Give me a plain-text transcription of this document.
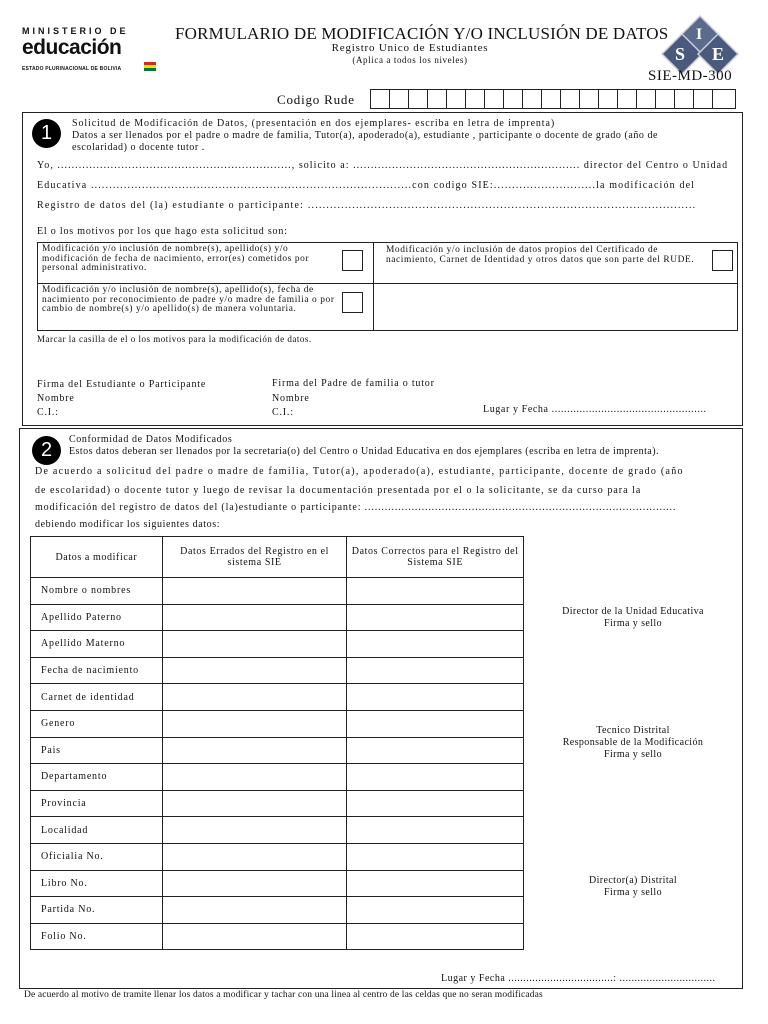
MINISTERIO DE
educación
ESTADO PLURINACIONAL DE BOLIVIA
FORMULARIO DE MODIFICACIÓN Y/O INCLUSIÓN DE DATOS
Registro Unico de Estudiantes
(Aplica a todos los niveles)
I
S E
SIE-MD-300
Codigo Rude
1	Solicitud de Modificación de Datos, (presentación en dos ejemplares- escriba en letra de imprenta)
Datos a ser llenados por el padre o madre de familia, Tutor(a), apoderado(a), estudiante , participante o docente de grado (año de
escolaridad) o docente tutor .
Yo, .................................................................., solicito a: ................................................................ director del Centro o Unidad
Educativa ........................................................................................con codigo SIE:............................la modificación del
Registro de datos del (la) estudiante o participante: .........................................................................................................
El o los motivos por los que hago esta solicitud son:
Modificación y/o inclusión de nombre(s), apellido(s) y/o modificación de fecha de nacimiento, error(es) cometidos por personal administrativo.
Modificación y/o inclusión de datos propios del Certificado de nacimiento, Carnet de Identidad y otros datos que son parte del RUDE.
Modificación y/o inclusión de nombre(s), apellido(s), fecha de nacimiento por reconocimiento de padre y/o madre de familia o por cambio de nombre(s) y/o apellido(s) de manera voluntaria.
Marcar la casilla de el o los motivos para la modificación de datos.
Firma del Estudiante o Participante
Nombre
C.I.:
Firma del Padre de familia o tutor
Nombre
C.I.:	Lugar y Fecha ..................................................
2	Conformidad de Datos Modificados
Estos datos deberan ser llenados por la secretaria(o) del Centro o Unidad Educativa en dos ejemplares (escriba en letra de imprenta).
De acuerdo a solicitud del padre o madre de familia, Tutor(a), apoderado(a), estudiante, participante, docente de grado (año
de escolaridad) o docente tutor y luego de revisar la documentación presentada por el o la solicitante, se da curso para la
modificación del registro de datos del (la)estudiante o participante: .............................................................................................
debiendo modificar los siguientes datos:
Datos a modificar	Datos Errados del Registro en el sistema SIE	Datos Correctos para el Registro del Sistema SIE
Nombre o nombres		
Apellido Paterno		
Apellido Materno		
Fecha de nacimiento		
Carnet de identidad		
Genero		
Pais		
Departamento		
Provincia		
Localidad		
Oficialia No.		
Libro No.		
Partida No.		
Folio No.		
Director de la Unidad Educativa
Firma y sello
Tecnico Distrital
Responsable de la Modificación
Firma y sello
Director(a) Distrital
Firma y sello
Lugar y Fecha ...................................: ................................
De acuerdo al motivo de tramite llenar los datos a modificar y tachar con una linea al centro de las celdas que no seran modificadas
